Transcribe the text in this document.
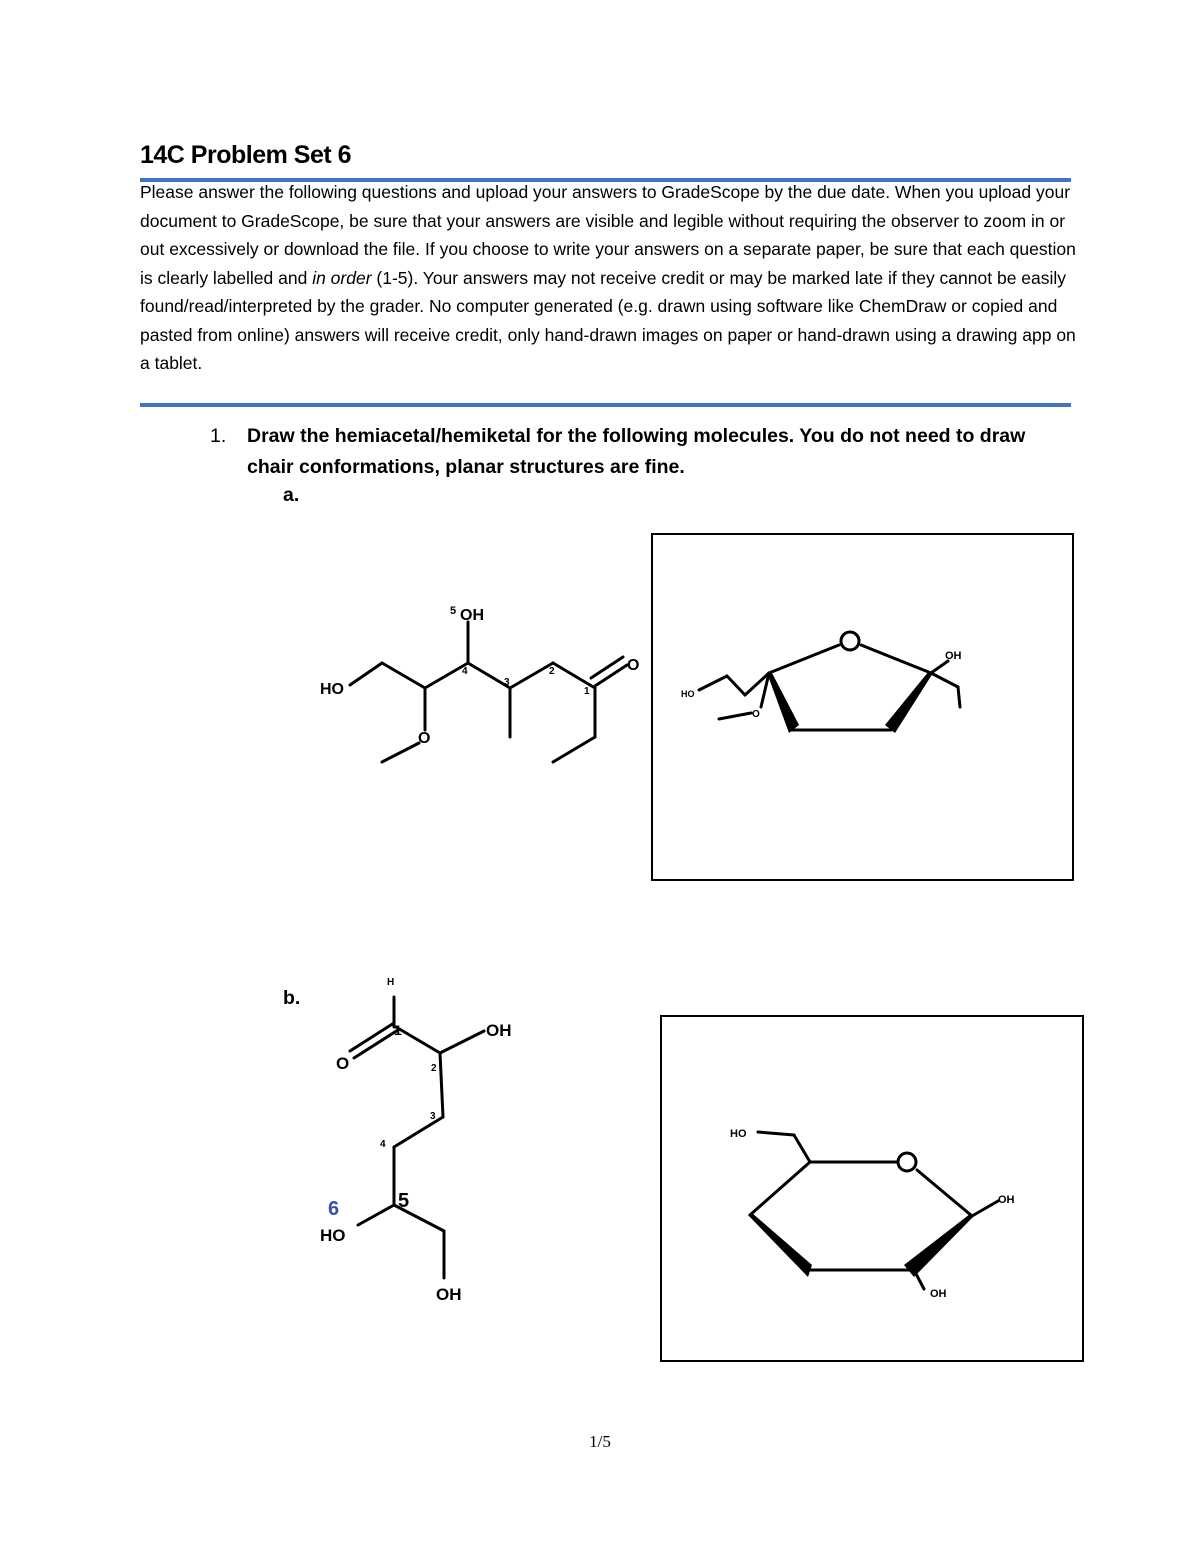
14C Problem Set 6

Please answer the following questions and upload your answers to GradeScope by the due date. When you upload your document to GradeScope, be sure that your answers are visible and legible without requiring the observer to zoom in or out excessively or download the file. If you choose to write your answers on a separate paper, be sure that each question is clearly labelled and in order (1-5). Your answers may not receive credit or may be marked late if they cannot be easily found/read/interpreted by the grader. No computer generated (e.g. drawn using software like ChemDraw or copied and pasted from online) answers will receive credit, only hand-drawn images on paper or hand-drawn using a drawing app on a tablet.

1. Draw the hemiacetal/hemiketal for the following molecules. You do not need to draw chair conformations, planar structures are fine.
a.
HO
OH
5
O
O
4
3
2
1
OH
HO
O
b.
H
OH
O
HO
OH
1
2
3
4
5
6
HO
OH
OH
1/5
